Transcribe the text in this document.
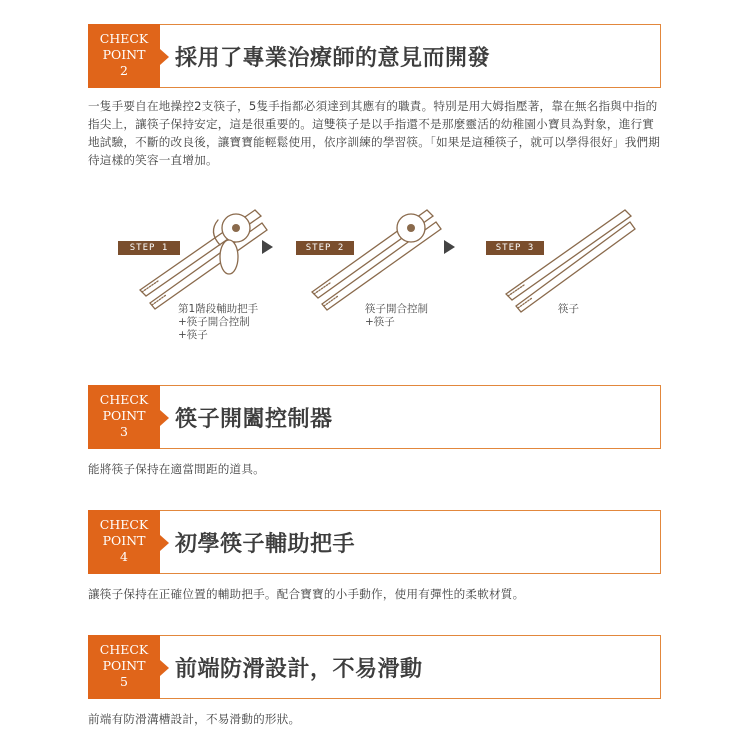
CHECK
POINT
2	採用了專業治療師的意見而開發
一隻手要自在地操控2支筷子，5隻手指都必須達到其應有的職責。特別是用大姆指壓著，靠在無名指與中指的指尖上，讓筷子保持安定，這是很重要的。這雙筷子是以手指還不是那麼靈活的幼稚園小寶貝為對象，進行實地試驗，不斷的改良後，讓寶寶能輕鬆使用，依序訓練的學習筷。「如果是這種筷子，就可以學得很好」我們期待這樣的笑容一直增加。
STEP 1	STEP 2	STEP 3
第1階段輔助把手
+筷子開合控制
+筷子
筷子開合控制
+筷子
筷子
CHECK
POINT
3	筷子開闔控制器
能將筷子保持在適當間距的道具。
CHECK
POINT
4	初學筷子輔助把手
讓筷子保持在正確位置的輔助把手。配合寶寶的小手動作，使用有彈性的柔軟材質。
CHECK
POINT
5	前端防滑設計，不易滑動
前端有防滑溝槽設計，不易滑動的形狀。
